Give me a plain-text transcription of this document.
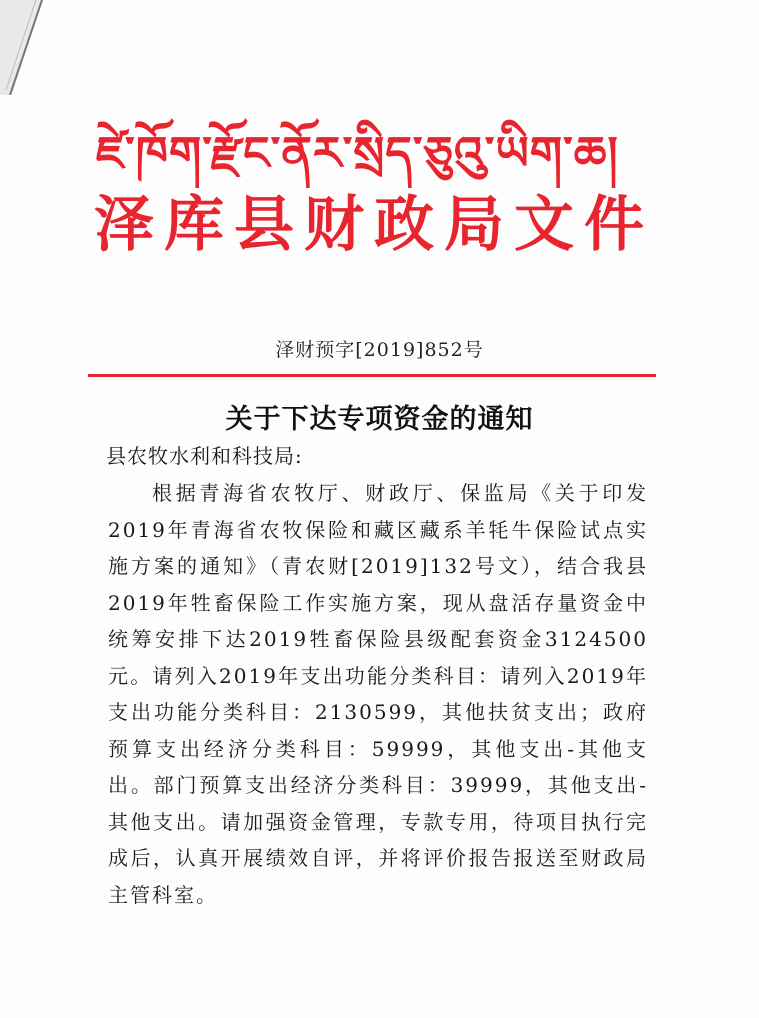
ཛེ་ཁོག་རྫོང་ནོར་སྲིད་ཅུའུ་ཡིག་ཆ།
泽库县财政局文件
泽财预字[2019]852号
关于下达专项资金的通知
县农牧水利和科技局:
根据青海省农牧厅、财政厅、保监局《关于印发2019年青海省农牧保险和藏区藏系羊牦牛保险试点实施方案的通知》（青农财[2019]132号文），结合我县2019年牲畜保险工作实施方案，现从盘活存量资金中统筹安排下达2019牲畜保险县级配套资金3124500元。请列入2019年支出功能分类科目：请列入2019年支出功能分类科目：2130599，其他扶贫支出；政府预算支出经济分类科目：59999，其他支出-其他支出。部门预算支出经济分类科目：39999，其他支出-其他支出。请加强资金管理，专款专用，待项目执行完成后，认真开展绩效自评，并将评价报告报送至财政局主管科室。
